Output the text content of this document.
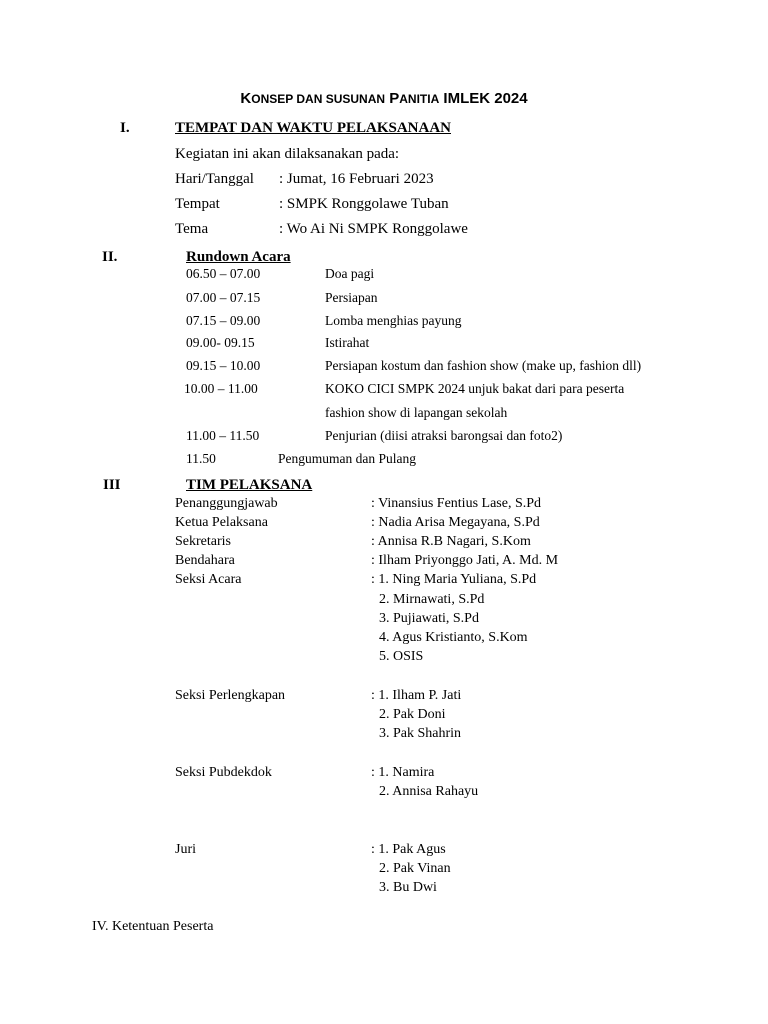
KONSEP DAN SUSUNAN PANITIA IMLEK 2024
I.	TEMPAT DAN WAKTU PELAKSANAAN
Kegiatan ini akan dilaksanakan pada:
Hari/Tanggal : Jumat, 16 Februari 2023
Tempat	: SMPK Ronggolawe Tuban
Tema	: Wo Ai Ni SMPK Ronggolawe
II.	Rundown Acara
06.50 – 07.00	Doa pagi
07.00 – 07.15	Persiapan
07.15 – 09.00	Lomba menghias payung
09.00- 09.15	Istirahat
09.15 – 10.00	Persiapan kostum dan fashion show (make up, fashion dll)
10.00 – 11.00	KOKO CICI SMPK 2024 unjuk bakat dari para peserta
fashion show di lapangan sekolah
11.00 – 11.50	Penjurian (diisi atraksi barongsai dan foto2)
11.50	Pengumuman dan Pulang
III	TIM PELAKSANA
Penanggungjawab	: Vinansius Fentius Lase, S.Pd
Ketua Pelaksana	: Nadia Arisa Megayana, S.Pd
Sekretaris	: Annisa R.B Nagari, S.Kom
Bendahara	: Ilham Priyonggo Jati, A. Md. M
Seksi Acara	: 1. Ning Maria Yuliana, S.Pd
2. Mirnawati, S.Pd
3. Pujiawati, S.Pd
4. Agus Kristianto, S.Kom
5. OSIS
Seksi Perlengkapan	: 1. Ilham P. Jati
2. Pak Doni
3. Pak Shahrin
Seksi Pubdekdok	: 1. Namira
2. Annisa Rahayu
Juri	: 1. Pak Agus
2. Pak Vinan
3. Bu Dwi
IV. Ketentuan Peserta
